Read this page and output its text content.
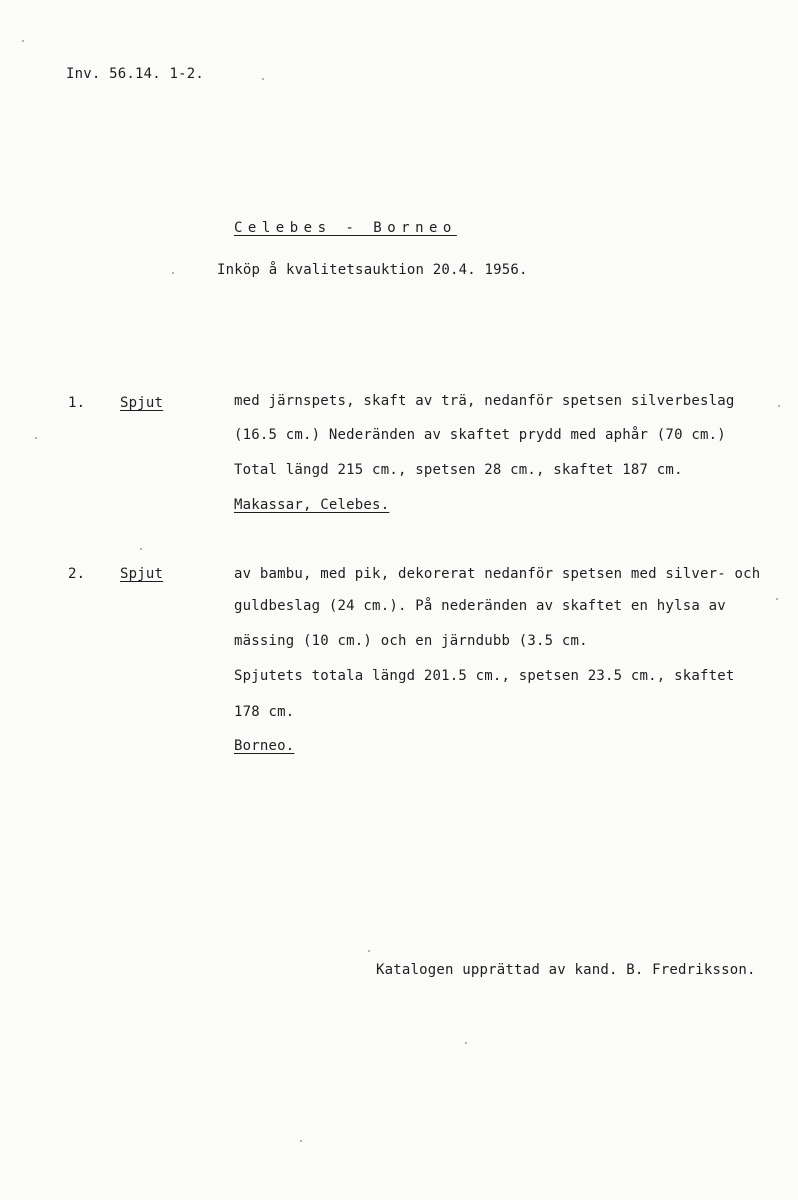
Inv. 56.14. 1-2.
Celebes - Borneo
Inköp å kvalitetsauktion 20.4. 1956.
1. Spjut	med järnspets, skaft av trä, nedanför spetsen silverbeslag
(16.5 cm.) Nederänden av skaftet prydd med aphår (70 cm.)
Total längd 215 cm., spetsen 28 cm., skaftet 187 cm.
Makassar, Celebes.
2. Spjut	av bambu, med pik, dekorerat nedanför spetsen med silver- och
guldbeslag (24 cm.). På nederänden av skaftet en hylsa av
mässing (10 cm.) och en järndubb (3.5 cm.
Spjutets totala längd 201.5 cm., spetsen 23.5 cm., skaftet
178 cm.
Borneo.
Katalogen upprättad av kand. B. Fredriksson.
